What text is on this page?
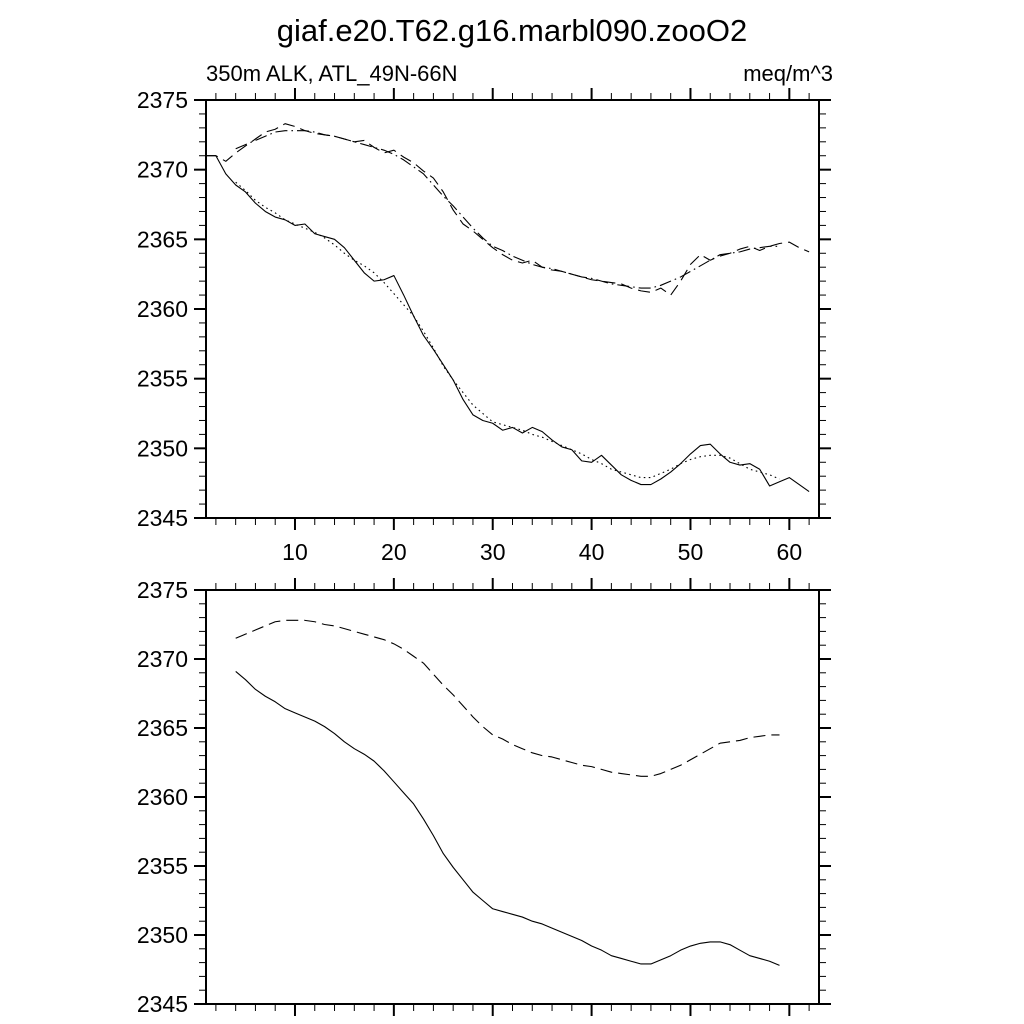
giaf.e20.T62.g16.marbl090.zooO2
350m ALK, ATL_49N-66N	meq/m^3
10	20	30	40	50	60
2345
2350
2355
2360
2365
2370
2375
2345
2350
2355
2360
2365
2370
2375
